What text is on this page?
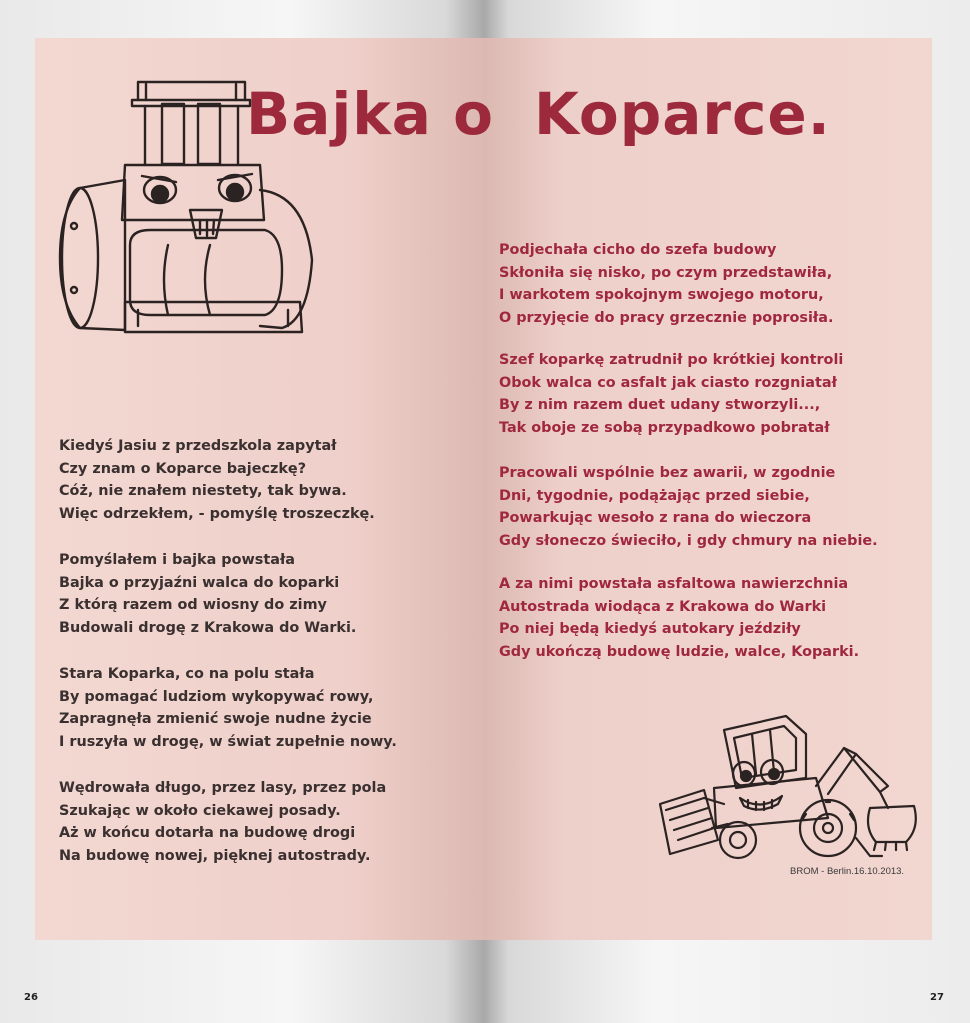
Bajka o Koparce.
Kiedyś Jasiu z przedszkola zapytał
Czy znam o Koparce bajeczkę?
Cóż, nie znałem niestety, tak bywa.
Więc odrzekłem, - pomyślę troszeczkę.
Pomyślałem i bajka powstała
Bajka o przyjaźni walca do koparki
Z którą razem od wiosny do zimy
Budowali drogę z Krakowa do Warki.
Stara Koparka, co na polu stała
By pomagać ludziom wykopywać rowy,
Zapragnęła zmienić swoje nudne życie
I ruszyła w drogę, w świat zupełnie nowy.
Wędrowała długo, przez lasy, przez pola
Szukając w około ciekawej posady.
Aż w końcu dotarła na budowę drogi
Na budowę nowej, pięknej autostrady.
Podjechała cicho do szefa budowy
Skłoniła się nisko, po czym przedstawiła,
I warkotem spokojnym swojego motoru,
O przyjęcie do pracy grzecznie poprosiła.
Szef koparkę zatrudnił po krótkiej kontroli
Obok walca co asfalt jak ciasto rozgniatał
By z nim razem duet udany stworzyli...,
Tak oboje ze sobą przypadkowo pobratał
Pracowali wspólnie bez awarii, w zgodnie
Dni, tygodnie, podążając przed siebie,
Powarkując wesoło z rana do wieczora
Gdy słoneczo świeciło, i gdy chmury na niebie.
A za nimi powstała asfaltowa nawierzchnia
Autostrada wiodąca z Krakowa do Warki
Po niej będą kiedyś autokary jeździły
Gdy ukończą budowę ludzie, walce, Koparki.
BROM - Berlin.16.10.2013.
26	27
